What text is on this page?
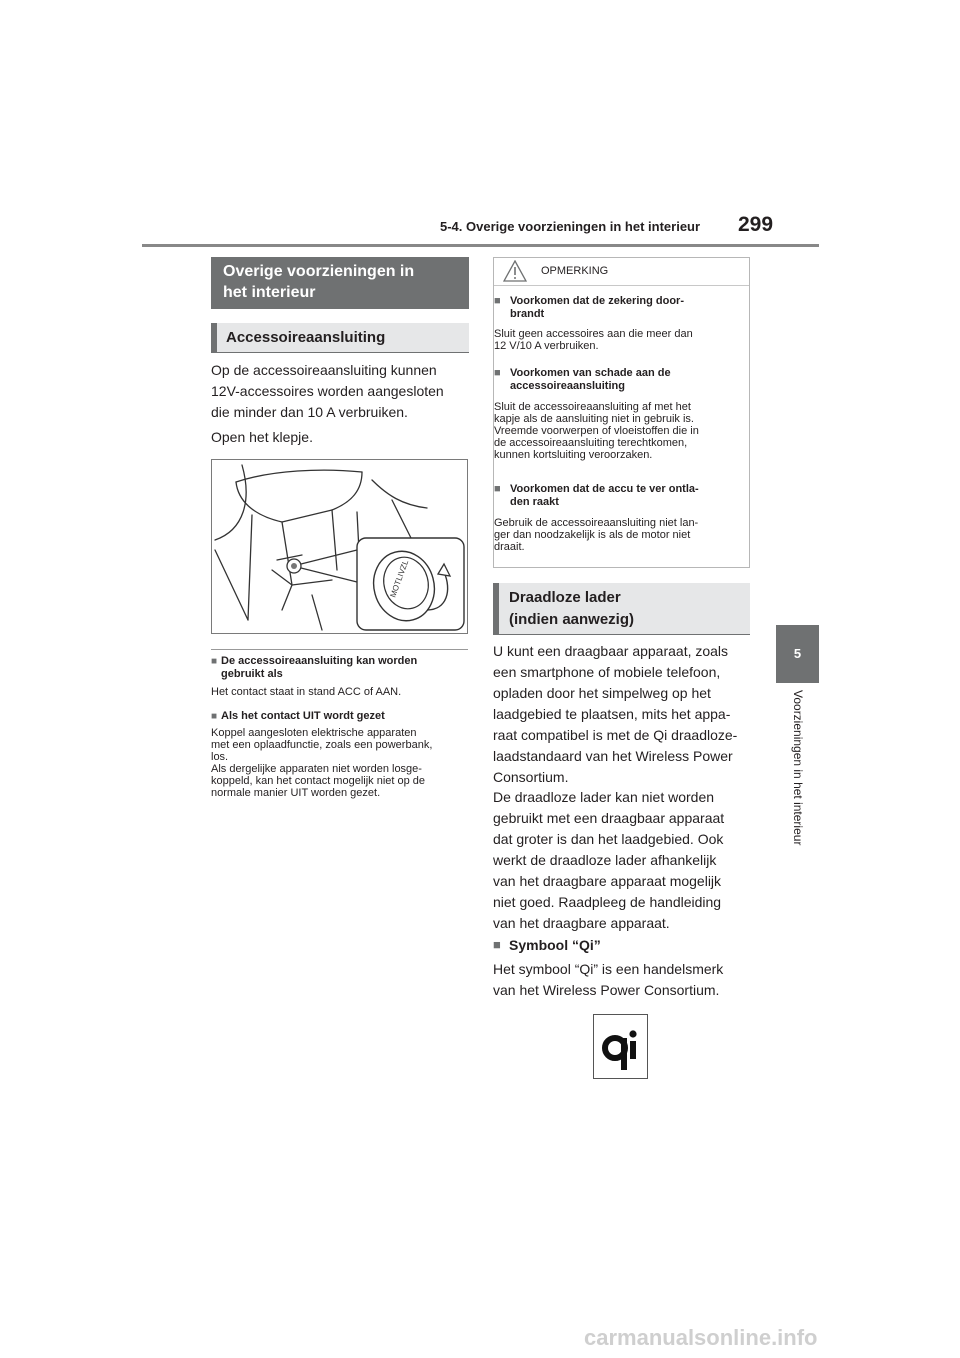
5-4. Overige voorzieningen in het interieur 299
5
Voorzieningen in het interieur
Overige voorzieningen in
het interieur
Accessoireaansluiting
Op de accessoireaansluiting kunnen
12V-accessoires worden aangesloten
die minder dan 10 A verbruiken.
Open het klepje.
MOTLIVZL
■ De accessoireaansluiting kan worden
gebruikt als
Het contact staat in stand ACC of AAN.
■ Als het contact UIT wordt gezet
Koppel aangesloten elektrische apparaten
met een oplaadfunctie, zoals een powerbank,
los.
Als dergelijke apparaten niet worden losge-
koppeld, kan het contact mogelijk niet op de
normale manier UIT worden gezet.
OPMERKING
■ Voorkomen dat de zekering door-
brandt
Sluit geen accessoires aan die meer dan
12 V/10 A verbruiken.
■ Voorkomen van schade aan de
accessoireaansluiting
Sluit de accessoireaansluiting af met het
kapje als de aansluiting niet in gebruik is.
Vreemde voorwerpen of vloeistoffen die in
de accessoireaansluiting terechtkomen,
kunnen kortsluiting veroorzaken.
■ Voorkomen dat de accu te ver ontla-
den raakt
Gebruik de accessoireaansluiting niet lan-
ger dan noodzakelijk is als de motor niet
draait.
Draadloze lader
(indien aanwezig)
U kunt een draagbaar apparaat, zoals
een smartphone of mobiele telefoon,
opladen door het simpelweg op het
laadgebied te plaatsen, mits het appa-
raat compatibel is met de Qi draadloze-
laadstandaard van het Wireless Power
Consortium.
De draadloze lader kan niet worden
gebruikt met een draagbaar apparaat
dat groter is dan het laadgebied. Ook
werkt de draadloze lader afhankelijk
van het draagbare apparaat mogelijk
niet goed. Raadpleeg de handleiding
van het draagbare apparaat.
■ Symbool “Qi”
Het symbool “Qi” is een handelsmerk
van het Wireless Power Consortium.
carmanualsonline.info
